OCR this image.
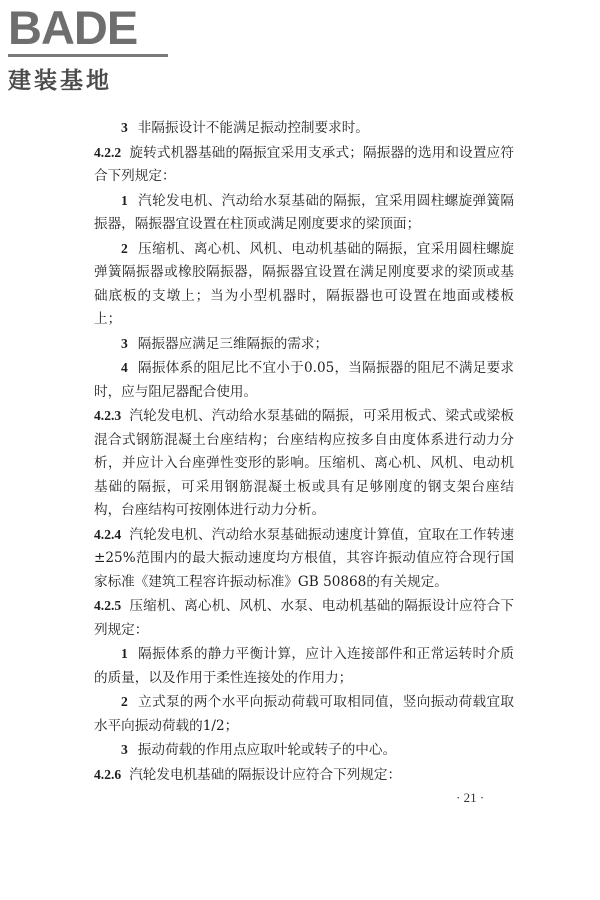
BADE
建装基地

3 非隔振设计不能满足振动控制要求时。

4.2.2 旋转式机器基础的隔振宜采用支承式；隔振器的选用和设置应符合下列规定：

1 汽轮发电机、汽动给水泵基础的隔振，宜采用圆柱螺旋弹簧隔振器，隔振器宜设置在柱顶或满足刚度要求的梁顶面；

2 压缩机、离心机、风机、电动机基础的隔振，宜采用圆柱螺旋弹簧隔振器或橡胶隔振器，隔振器宜设置在满足刚度要求的梁顶或基础底板的支墩上；当为小型机器时，隔振器也可设置在地面或楼板上；

3 隔振器应满足三维隔振的需求；

4 隔振体系的阻尼比不宜小于0.05，当隔振器的阻尼不满足要求时，应与阻尼器配合使用。

4.2.3 汽轮发电机、汽动给水泵基础的隔振，可采用板式、梁式或梁板混合式钢筋混凝土台座结构；台座结构应按多自由度体系进行动力分析，并应计入台座弹性变形的影响。压缩机、离心机、风机、电动机基础的隔振，可采用钢筋混凝土板或具有足够刚度的钢支架台座结构，台座结构可按刚体进行动力分析。

4.2.4 汽轮发电机、汽动给水泵基础振动速度计算值，宜取在工作转速±25%范围内的最大振动速度均方根值，其容许振动值应符合现行国家标准《建筑工程容许振动标准》GB 50868的有关规定。

4.2.5 压缩机、离心机、风机、水泵、电动机基础的隔振设计应符合下列规定：

1 隔振体系的静力平衡计算，应计入连接部件和正常运转时介质的质量，以及作用于柔性连接处的作用力；

2 立式泵的两个水平向振动荷载可取相同值，竖向振动荷载宜取水平向振动荷载的1/2；

3 振动荷载的作用点应取叶轮或转子的中心。

4.2.6 汽轮发电机基础的隔振设计应符合下列规定：

· 21 ·
